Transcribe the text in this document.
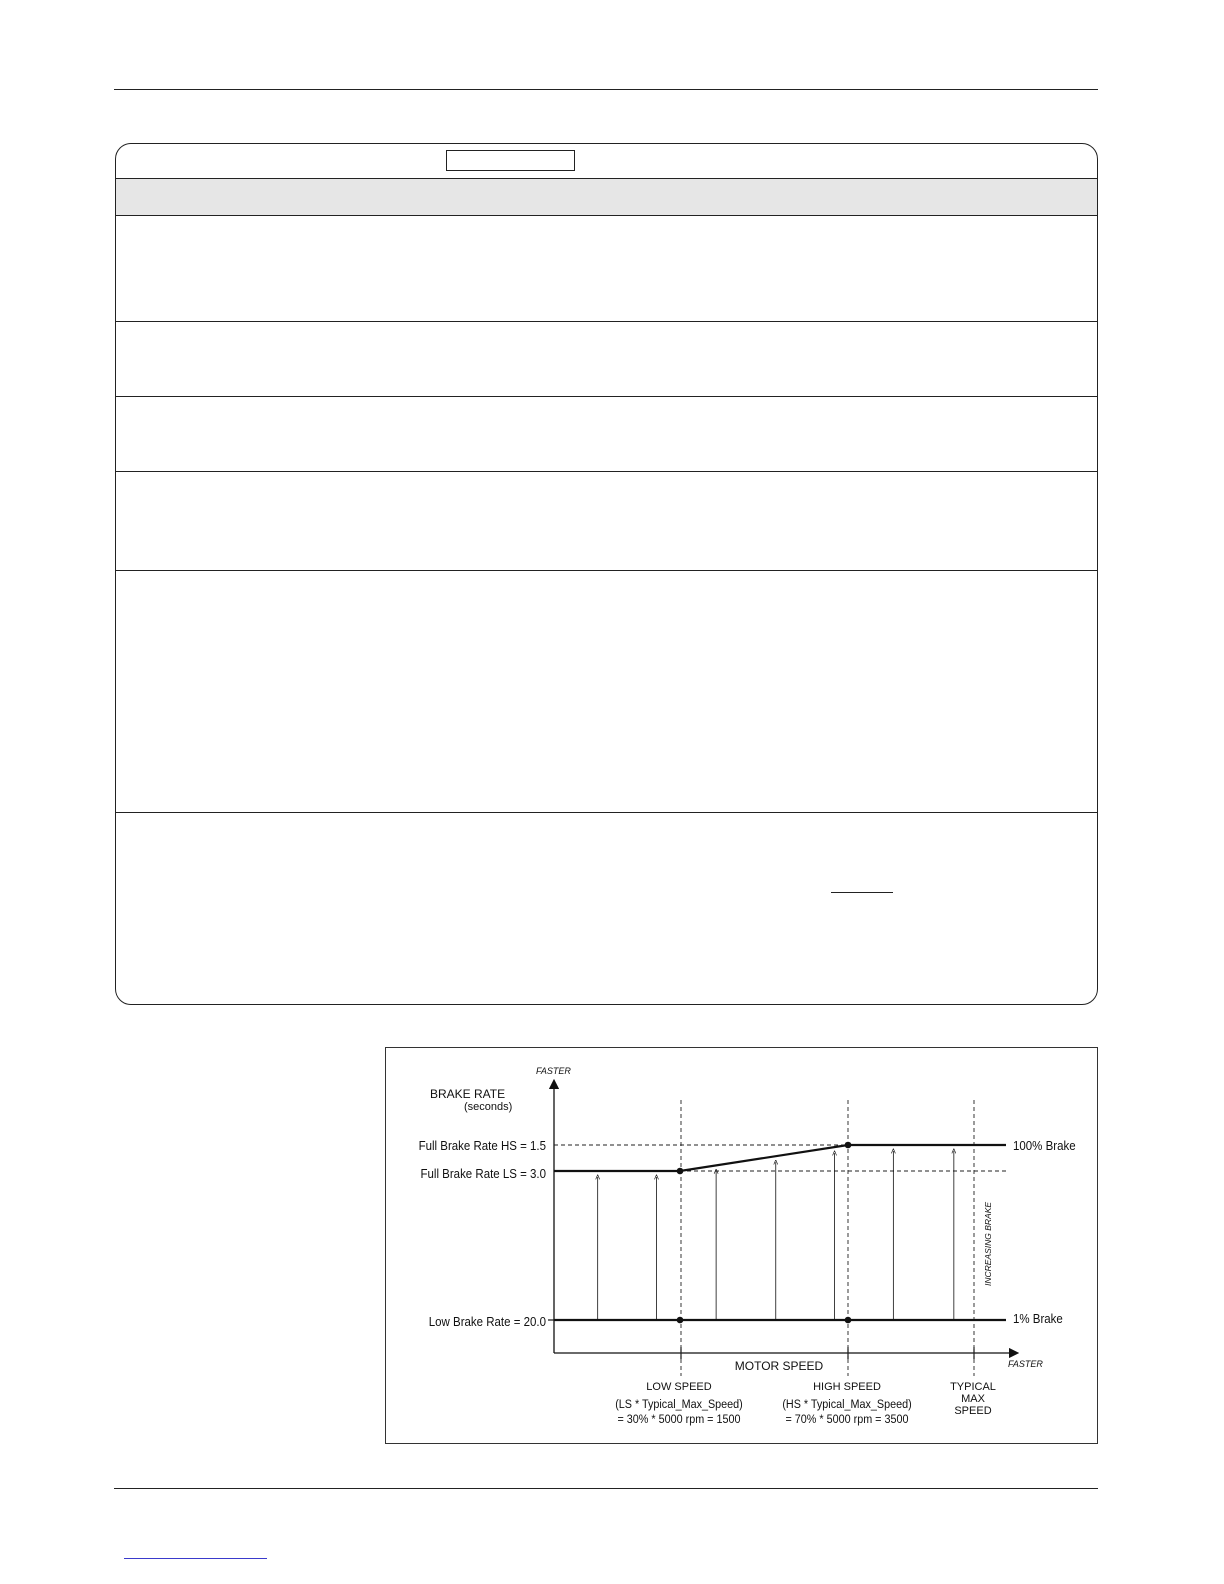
FASTER
BRAKE RATE
(seconds)
Full Brake Rate HS = 1.5
Full Brake Rate LS = 3.0
Low Brake Rate = 20.0
100% Brake
1% Brake
INCREASING BRAKE
MOTOR SPEED	FASTER
LOW SPEED
(LS * Typical_Max_Speed)
= 30% * 5000 rpm = 1500
HIGH SPEED
(HS * Typical_Max_Speed)
= 70% * 5000 rpm = 3500
TYPICAL
MAX
SPEED
